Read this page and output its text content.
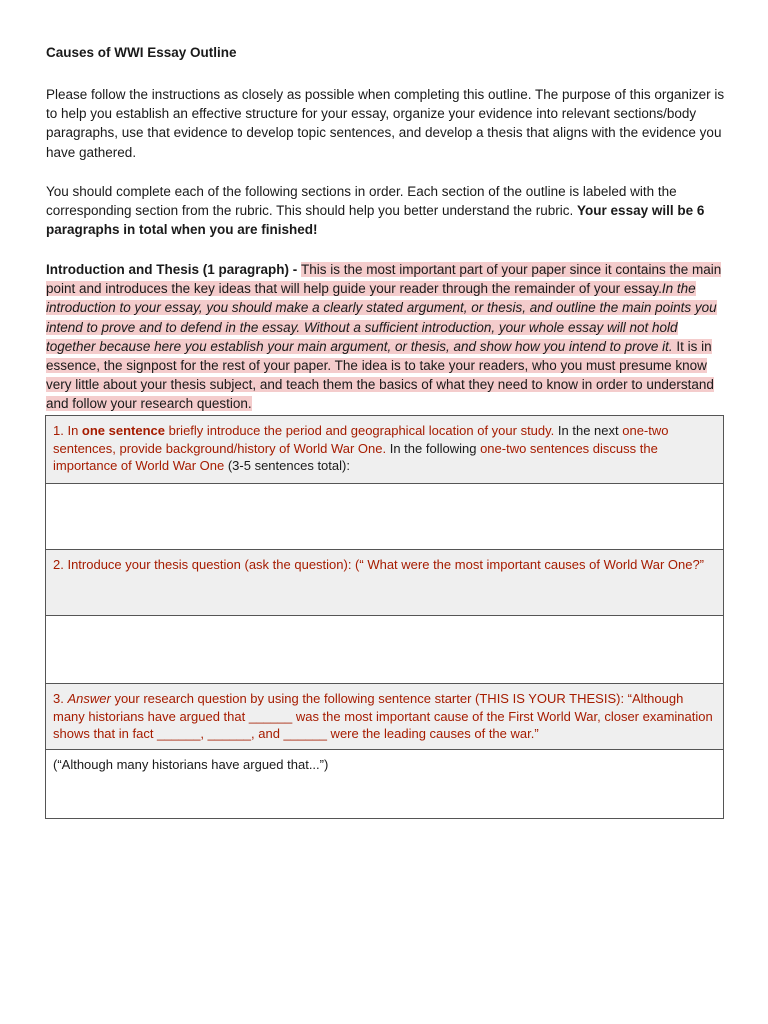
Causes of WWI Essay Outline
Please follow the instructions as closely as possible when completing this outline. The purpose of this organizer is to help you establish an effective structure for your essay, organize your evidence into relevant sections/body paragraphs, use that evidence to develop topic sentences, and develop a thesis that aligns with the evidence you have gathered.
You should complete each of the following sections in order. Each section of the outline is labeled with the corresponding section from the rubric. This should help you better understand the rubric. Your essay will be 6 paragraphs in total when you are finished!
Introduction and Thesis (1 paragraph) - This is the most important part of your paper since it contains the main point and introduces the key ideas that will help guide your reader through the remainder of your essay.In the introduction to your essay, you should make a clearly stated argument, or thesis, and outline the main points you intend to prove and to defend in the essay. Without a sufficient introduction, your whole essay will not hold together because here you establish your main argument, or thesis, and show how you intend to prove it. It is in essence, the signpost for the rest of your paper. The idea is to take your readers, who you must presume know very little about your thesis subject, and teach them the basics of what they need to know in order to understand and follow your research question.
1. In one sentence briefly introduce the period and geographical location of your study. In the next one-two sentences, provide background/history of World War One. In the following one-two sentences discuss the importance of World War One (3-5 sentences total):

2. Introduce your thesis question (ask the question): (“ What were the most important causes of World War One?”

3. Answer your research question by using the following sentence starter (THIS IS YOUR THESIS): “Although many historians have argued that ______ was the most important cause of the First World War, closer examination shows that in fact ______, ______, and ______ were the leading causes of the war.”
(“Although many historians have argued that...”)
